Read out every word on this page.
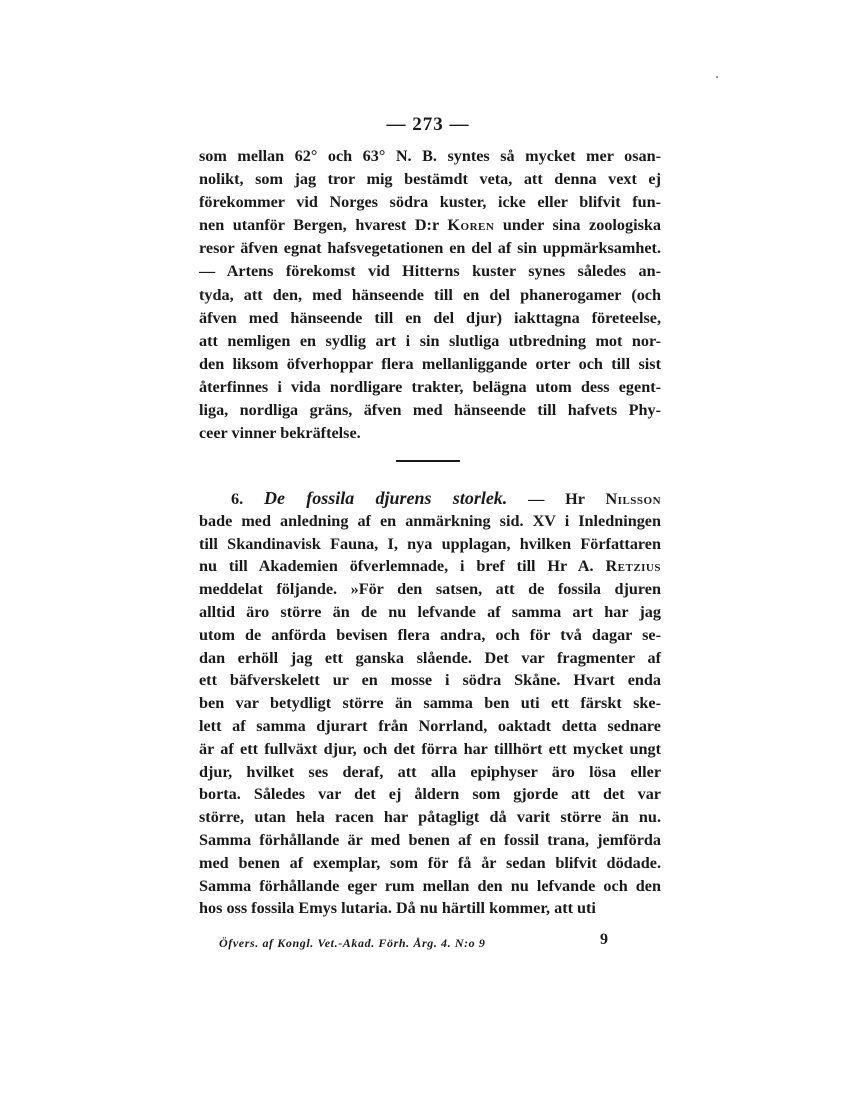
— 273 —
som mellan 62° och 63° N. B. syntes så mycket mer osan-
nolikt, som jag tror mig bestämdt veta, att denna vext ej
förekommer vid Norges södra kuster, icke eller blifvit fun-
nen utanför Bergen, hvarest D:r Koren under sina zoologiska
resor äfven egnat hafsvegetationen en del af sin uppmärksamhet.
— Artens förekomst vid Hitterns kuster synes således an-
tyda, att den, med hänseende till en del phanerogamer (och
äfven med hänseende till en del djur) iakttagna företeelse,
att nemligen en sydlig art i sin slutliga utbredning mot nor-
den liksom öfverhoppar flera mellanliggande orter och till sist
återfinnes i vida nordligare trakter, belägna utom dess egent-
liga, nordliga gräns, äfven med hänseende till hafvets Phy-
ceer vinner bekräftelse.
6. De fossila djurens storlek. — Hr Nilsson
bade med anledning af en anmärkning sid. XV i Inledningen
till Skandinavisk Fauna, I, nya upplagan, hvilken Författaren
nu till Akademien öfverlemnade, i bref till Hr A. Retzius
meddelat följande. »För den satsen, att de fossila djuren
alltid äro större än de nu lefvande af samma art har jag
utom de anförda bevisen flera andra, och för två dagar se-
dan erhöll jag ett ganska slående. Det var fragmenter af
ett bäfverskelett ur en mosse i södra Skåne. Hvart enda
ben var betydligt större än samma ben uti ett färskt ske-
lett af samma djurart från Norrland, oaktadt detta sednare
är af ett fullväxt djur, och det förra har tillhört ett mycket ungt
djur, hvilket ses deraf, att alla epiphyser äro lösa eller
borta. Således var det ej åldern som gjorde att det var
större, utan hela racen har påtagligt då varit större än nu.
Samma förhållande är med benen af en fossil trana, jemförda
med benen af exemplar, som för få år sedan blifvit dödade.
Samma förhållande eger rum mellan den nu lefvande och den
hos oss fossila Emys lutaria. Då nu härtill kommer, att uti
Öfvers. af Kongl. Vet.-Akad. Förh. Årg. 4. N:o 9	9
